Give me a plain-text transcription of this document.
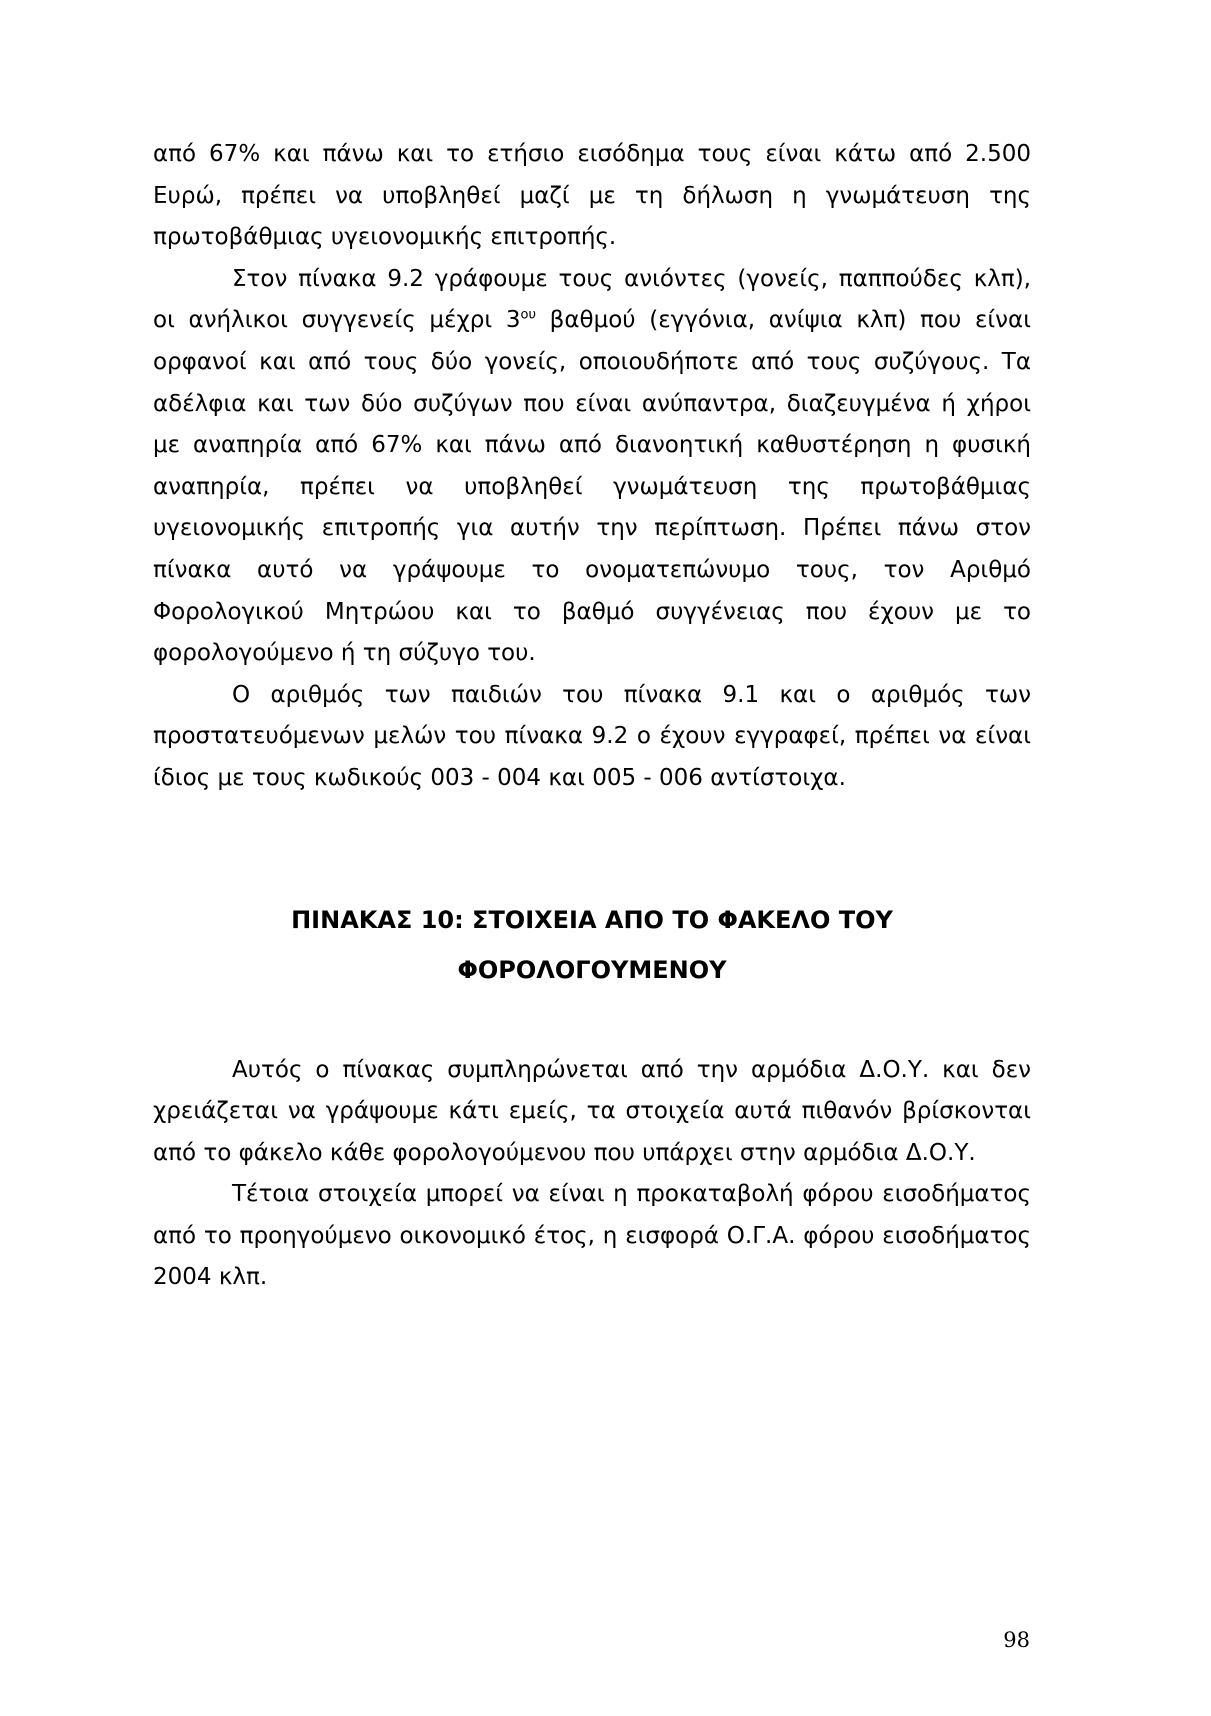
από 67% και πάνω και το ετήσιο εισόδημα τους είναι κάτω από 2.500 Ευρώ, πρέπει να υποβληθεί μαζί με τη δήλωση η γνωμάτευση της πρωτοβάθμιας υγειονομικής επιτροπής.

Στον πίνακα 9.2 γράφουμε τους ανιόντες (γονείς, παππούδες κλπ), οι ανήλικοι συγγενείς μέχρι $3^{o\upsilon}$ βαθμού (εγγόνια, ανίψια κλπ) που είναι ορφανοί και από τους δύο γονείς, οποιουδήποτε από τους συζύγους. Τα αδέλφια και των δύο συζύγων που είναι ανύπαντρα, διαζευγμένα ή χήροι με αναπηρία από 67% και πάνω από διανοητική καθυστέρηση η φυσική αναπηρία, πρέπει να υποβληθεί γνωμάτευση της πρωτοβάθμιας υγειονομικής επιτροπής για αυτήν την περίπτωση. Πρέπει πάνω στον πίνακα αυτό να γράψουμε το ονοματεπώνυμο τους, τον Αριθμό Φορολογικού Μητρώου και το βαθμό συγγένειας που έχουν με το φορολογούμενο ή τη σύζυγο του.

Ο αριθμός των παιδιών του πίνακα 9.1 και ο αριθμός των προστατευόμενων μελών του πίνακα 9.2 ο έχουν εγγραφεί, πρέπει να είναι ίδιος με τους κωδικούς 003 - 004 και 005 - 006 αντίστοιχα.

ΠΙΝΑΚΑΣ 10: ΣΤΟΙΧΕΙΑ ΑΠΟ ΤΟ ΦΑΚΕΛΟ ΤΟΥ
ΦΟΡΟΛΟΓΟΥΜΕΝΟΥ

Αυτός ο πίνακας συμπληρώνεται από την αρμόδια Δ.Ο.Υ. και δεν χρειάζεται να γράψουμε κάτι εμείς, τα στοιχεία αυτά πιθανόν βρίσκονται από το φάκελο κάθε φορολογούμενου που υπάρχει στην αρμόδια Δ.Ο.Υ.

Τέτοια στοιχεία μπορεί να είναι η προκαταβολή φόρου εισοδήματος από το προηγούμενο οικονομικό έτος, η εισφορά Ο.Γ.Α. φόρου εισοδήματος 2004 κλπ.

98
